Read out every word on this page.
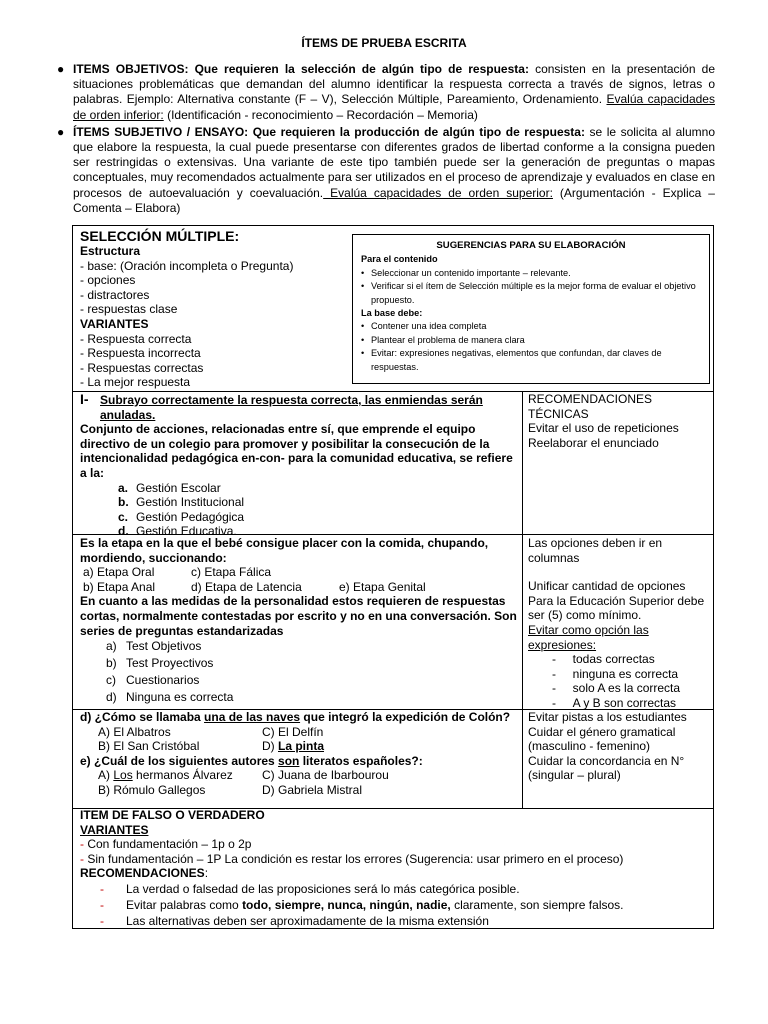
ÍTEMS DE PRUEBA ESCRITA
● ITEMS OBJETIVOS: Que requieren la selección de algún tipo de respuesta: consisten en la presentación de situaciones problemáticas que demandan del alumno identificar la respuesta correcta a través de signos, letras o palabras. Ejemplo: Alternativa constante (F – V), Selección Múltiple, Pareamiento, Ordenamiento. Evalúa capacidades de orden inferior: (Identificación - reconocimiento – Recordación – Memoria)
● ÍTEMS SUBJETIVO / ENSAYO: Que requieren la producción de algún tipo de respuesta: se le solicita al alumno que elabore la respuesta, la cual puede presentarse con diferentes grados de libertad conforme a la consigna pueden ser restringidas o extensivas. Una variante de este tipo también puede ser la generación de preguntas o mapas conceptuales, muy recomendados actualmente para ser utilizados en el proceso de aprendizaje y evaluados en clase en procesos de autoevaluación y coevaluación. Evalúa capacidades de orden superior: (Argumentación - Explica – Comenta – Elabora)
SELECCIÓN MÚLTIPLE:
Estructura
- base: (Oración incompleta o Pregunta)
- opciones
- distractores
- respuestas clase
VARIANTES
- Respuesta correcta
- Respuesta incorrecta
- Respuestas correctas
- La mejor respuesta
SUGERENCIAS PARA SU ELABORACIÓN
Para el contenido
• Seleccionar un contenido importante – relevante.
• Verificar si el ítem de Selección múltiple es la mejor forma de evaluar el objetivo propuesto.
La base debe:
• Contener una idea completa
• Plantear el problema de manera clara
• Evitar: expresiones negativas, elementos que confundan, dar claves de respuestas.
I- Subrayo correctamente la respuesta correcta, las enmiendas serán anuladas.
Conjunto de acciones, relacionadas entre sí, que emprende el equipo directivo de un colegio para promover y posibilitar la consecución de la intencionalidad pedagógica en-con- para la comunidad educativa, se refiere a la:
a. Gestión Escolar
b. Gestión Institucional
c. Gestión Pedagógica
d. Gestión Educativa.
RECOMENDACIONES TÉCNICAS
Evitar el uso de repeticiones
Reelaborar el enunciado
Es la etapa en la que el bebé consigue placer con la comida, chupando, mordiendo, succionando:
a) Etapa Oral	c) Etapa Fálica
b) Etapa Anal	d) Etapa de Latencia	e) Etapa Genital
En cuanto a las medidas de la personalidad estos requieren de respuestas cortas, normalmente contestadas por escrito y no en una conversación. Son series de preguntas estandarizadas
a) Test Objetivos
b) Test Proyectivos
c) Cuestionarios
d) Ninguna es correcta
Las opciones deben ir en columnas
Unificar cantidad de opciones Para la Educación Superior debe ser (5) como mínimo.
Evitar como opción las expresiones:
-     todas correctas
-     ninguna es correcta
-     solo A es la correcta
-     A y B son correctas
d) ¿Cómo se llamaba una de las naves que integró la expedición de Colón?
A) El Albatros	C) El Delfín
B) El San Cristóbal	D) La pinta
e) ¿Cuál de los siguientes autores son literatos españoles?:
A) Los hermanos Álvarez C) Juana de Ibarbourou
B) Rómulo Gallegos	D) Gabriela Mistral
Evitar pistas a los estudiantes
Cuidar el género gramatical (masculino - femenino)
Cuidar la concordancia en N° (singular – plural)
ITEM DE FALSO O VERDADERO
VARIANTES
- Con fundamentación – 1p o 2p
- Sin fundamentación – 1P La condición es restar los errores (Sugerencia: usar primero en el proceso)
RECOMENDACIONES:
- La verdad o falsedad de las proposiciones será lo más categórica posible.
- Evitar palabras como todo, siempre, nunca, ningún, nadie, claramente, son siempre falsos.
- Las alternativas deben ser aproximadamente de la misma extensión
